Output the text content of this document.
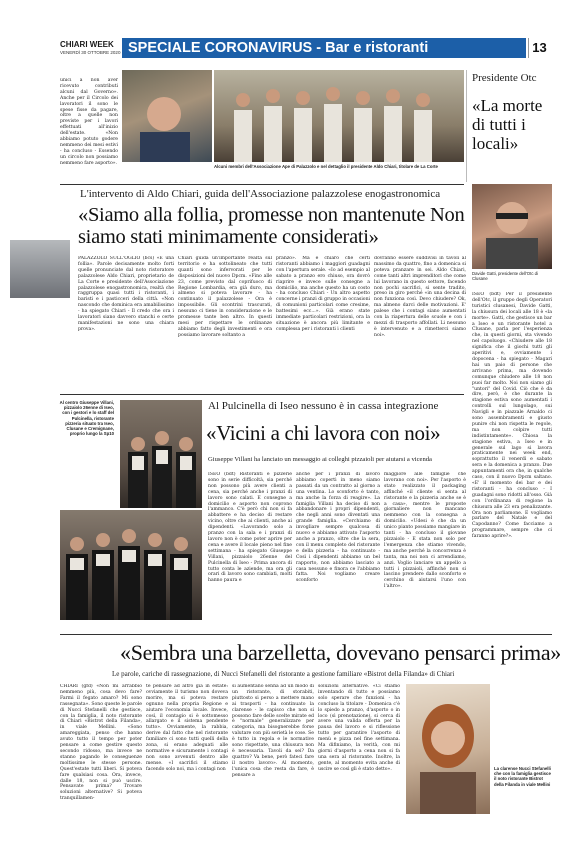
CHIARI WEEK
VENERDÌ 30 OTTOBRE 2020 SPECIALE CORONAVIRUS - Bar e ristoranti	13
unici a non aver ricevuto contributi alcuni dal Governo». Anche per il Circolo dei lavoratori il sono le spese fisse da pagare, oltre a quelle non previste per i lavori effettuati all'inizio dell'estate. «Non abbiamo potuto godere nemmeno dei mesi estivi - ha concluso - Essendo un circolo non possiamo nemmeno fare asporto».
Alcuni membri dell'Associazione Ape di Palazzolo e nel dettaglio il presidente Aldo Chiari, titolare de La Corte
Presidente Otc
«La morte di tutti i locali»
L'intervento di Aldo Chiari, guida dell'Associazione palazzolese enogastronomica
«Siamo alla follia, promesse non mantenute Non siamo stati minimamente considerati»
Davide Gatti, presidente dell'Otc di Clusane
PALAZZOLO SULL'OGLIO (bcs) «È una follia». Parole decisamente molto forti quelle pronunciate dal noto ristoratore palazzolese Aldo Chiari, proprietario de La Corte e presidente dell'Associazione palazzolese enogastronomica, realtà che raggruppa quasi tutti i ristoranti, i baristi e i pasticceri della città. «Non nascondo che dominica era amabilissimo - ha spiegato Chiari - Il credo che ora i lavoratori siano davvero stanchi e certe manifestazioni ne sono una chiara prova».
Chiari guida un'importante realtà sul territorio e ha sottolineato che tutti quanti sono infervorati per le disposizioni del nuovo Dpcm. «Fino alle 23, come previsto dal coprifuoco di Regione Lombardia, era già duro, ma almeno si poteva lavorare - ha continuato il palazzolese - Ora è impossibile. Gli scontrini trascurati, nessuno ci tiene in considerazione e le promesse tante ben altro. In questi mesi per rispettare le ordinanze abbiamo fatto degli investimenti e ora possiamo lavorare soltanto a
pranzo». Ma è chiaro che certi ristoranti abbiamo i maggiori guadagni con l'apertura serale. «Io ad esempio al sabato a pranzo ero chiuso, ora dovrò riaprire e invece sulle consegne a domicilio, ma anche questo ha un costo - ha concluso Chiari - Un altro aspetto concerne i pranzi di gruppo in occasioni di comunioni particolari come cresime, battesimi ecc...». Già erano state immediate particolari restrizioni, ora la situazione è ancora più limitante e complessa per i ristoranti i clienti
dovranno essere suddivisi in tavoli al massimo da quattro, fino a domenica si poteva pranzare in sei. Aldo Chiari, come tanti altri imprenditori che come lui lavorano in questo settore, facendo non pochi sacrifici, si sente tradito, preso in giro perché «in una decina di non funziona così. Devo chiudere? Ok, ma almeno darci delle motivazioni. E' palese che i contagi siano aumentati con la riapertura delle scuole e con i mezzi di trasporto affollati. Li nessuno è intervenuto e a rimetterci siamo noi».
ISEO (bdt) Per il presidente dell'Otc, il gruppo degli Operatori turistici clusanesi, Davide Gatti, la chiusura dei locali alle 18 è «la morte». Gatti, che gestisce un bar a Iseo e un ristorante hotel a Clusane, parla per l'esperienza che, in questi giorni, sta vivendo nel capoluogo. «Chiudere alle 18 significa che il giochi tutti gli aperitivi e, ovviamente i dopocena - ha spiegato - Magari hai un paio di persone che arrivano prima, ma dovendo comunque chiudere alle 18 non puoi far molto. Noi non siamo gli "untori" del Covid. Ciò che è da dire, però, è che durante la stagione estiva sono aumentati i controlli sul lungolago, sui Navigli e in piazzale Arnaldo ci sono assembramenti e giusto punire chi non rispetta le regole, ma non colpire tutti indistintamente». Chiosa la stagione estiva, a Iseo e in generale sul lago si lavora praticamente nei week end, soprattutto il venerdì e sabato sera e la domenica a pranzo. Due appuntamenti ora che, in qualche caso, con il nuovo Dpcm saltano. «E' il momento dei bar e dei ristoranti - ha concluso - I guadagni sono ridotti all'osso. Già con l'ordinanza di regione la chiusura alle 23 era penalizzante. Ora non parliamone. E vogliamo parlare del Natale e del Capodanno? Come facciamo a programmare, sempre che ci faranno aprire?».
Al centro Giuseppe Villani, pizzaiolo 26enne di Iseo, con i gestori e lo staff del Pulcinella, ristorante pizzeria situato tra Iseo, Clusane e Cremignane, proprio lungo la Sp10
Al Pulcinella di Iseo nessuno è in cassa integrazione
«Vicini a chi lavora con noi»
Giuseppe Villani ha lanciato un messaggio ai colleghi pizzaioli per aiutarsi a vicenda
ISEO (bdt) Ristoranti e pizzerie sono in serie difficoltà, sia perché non possono più avere clienti a cena, sia perché anche i pranzi di lavoro sono calati. E consegne a domicilio e asporto non coprono l'ammanco. C'è però chi non si fa abbattere e ha deciso di restare vicino, oltre che ai clienti, anche ai dipendenti. «Lavorando solo a pranzo con la sala e i pranzi di lavoro non è come poter aprire per cena e avere il locale pieno nel fine settimana - ha spiegato Giuseppe Villani, pizzaiolo 26enne del Pulcinella di Iseo - Prima ancora di tutto conta le aziende, ma ora gli orari di lavoro sono cambiati, molti hanno paura e
anche per i pranzi di lavoro abbiamo coperti in meno siamo passati da un contratto al giorno a una ventina. Lo sconforto è tanto, ma anche la forza di reagire». La famiglia Villani ha deciso di non abbandonare i propri dipendenti, che negli anni sono diventati una grande famiglia. «Cerchiamo di invogliare sempre qualcosa di nuovo e abbiamo attivato l'asporto anche a pranzo, oltre che la sera, con il menu completo del ristorante e della pizzeria - ha continuato - Così i dipendenti abbiamo un bel rapporto, non abbiamo lasciato a casa nessuno e finora ce l'abbiamo fatta. Noi vogliamo creare sconforto
maggiore alle famiglie che lavorano con noi». Per l'asporto è stato realizzato il packaging affinché «il cliente si senta al ristorante e la pizzeria anche se è a casa», mentre le proposte giornaliere non mancano nemmeno con la consegna a domicilio. «Udesi è che da un unico pianto possiamo mangiare in tanti - ha concluso il giovane pizzaiolo - E stata non solo per l'emergenza che stiamo vivendo, ma anche perché la concorrenza è tanta, ma noi non ci arrendiamo, anzi. Voglio lanciare un appello a tutti i pizzaioli, affinché non si lascino prendere dallo sconforto e cerchino di aiutarsi l'uno con l'altro».
«Sembra una barzelletta, dovevano pensarci prima»
Le parole, cariche di rassegnazione, di Nucci Stefanelli del ristorante a gestione familiare «Bistrot della Filanda» di Chiari
CHIARI (gfd) «Non mi arrabbio nemmeno più, cosa devo fare? Farmi il fegato amaro? Mi sono rassegnata». Sono queste le parole di Nucci Stefanelli che gestisce, con la famiglia, il noto ristorante di Chiari «Bistrot della Filanda», in viale Mellini. «Sono amareggiata, penso che hanno avuto tutto il tempo per poter pensare a come gestire questo secondo ridosso, ma invece ne stanno pagando le conseguenze moltissime le stesse persone. Quest'estate tutti liberi. Si poteva fare qualsiasi cosa. Ora, invece, dalle 18, non si può uscire. Pensavate prima? Trovare soluzioni alternative? Si poteva tranquillamen-
te pensare ad altro già in estate: ovviamente il turismo non doveva morire, ma si poteva restare ognuno nella propria Regione e aiutare l'economia locale. Invece, così, il contagio si è sottomesso allargato e il sistema pendente tutto». Ovviamente, la rabbia, derive dal fatto che nel ristorante familiare ci sono tutti quelli della zona, si erano adeguati alle normative e sicuramente i contagi non sono avvenuti dentro alle mense. «I sacrifici il stiamo facendo solo noi, ma i contagi non
si aumentano senha ad un modo di un ristorante, di storabiti, piuttosto si perso a mettere mano ai trasporti - ha continuato la clarense - le capisco che non si possono fare delle scelte mirate ed è "normale" generalizzare per categoria, ma bisognerebbe forse valutare con più serietà le cose. Se è tutto in regola e le normative sono rispettate, una chiusura non è necessaria. Tavoli da sei? Da quattro? Va bene, però fateci fare il nostro lavoro». Al momento, l'unica cosa che resta da fare, è pensare a
soluzioni alternative. «Ci stiamo inventando di tutto e possiamo solo sperare che funzioni - ha concluso la titolare - Domenica c'è lo spiedo a pranzo, d'asporto o in loco (sì prenotazione), si cerca di avere una valida offerta per la pausa del lavoro e si riflessione tutto per garantire l'asporto di menù e pizza nel fine settimana. Ma difiniamo, la verità, con mi giorni d'asporto a cena non si fa una sera al ristorante. Inoltre, la gente, al momento evita anche di uscire se così gli è stato detto».	La clarense Nucci Stefanelli che con la famiglia gestisce il noto ristorante Bistrot della Filanda in viale Mellini
